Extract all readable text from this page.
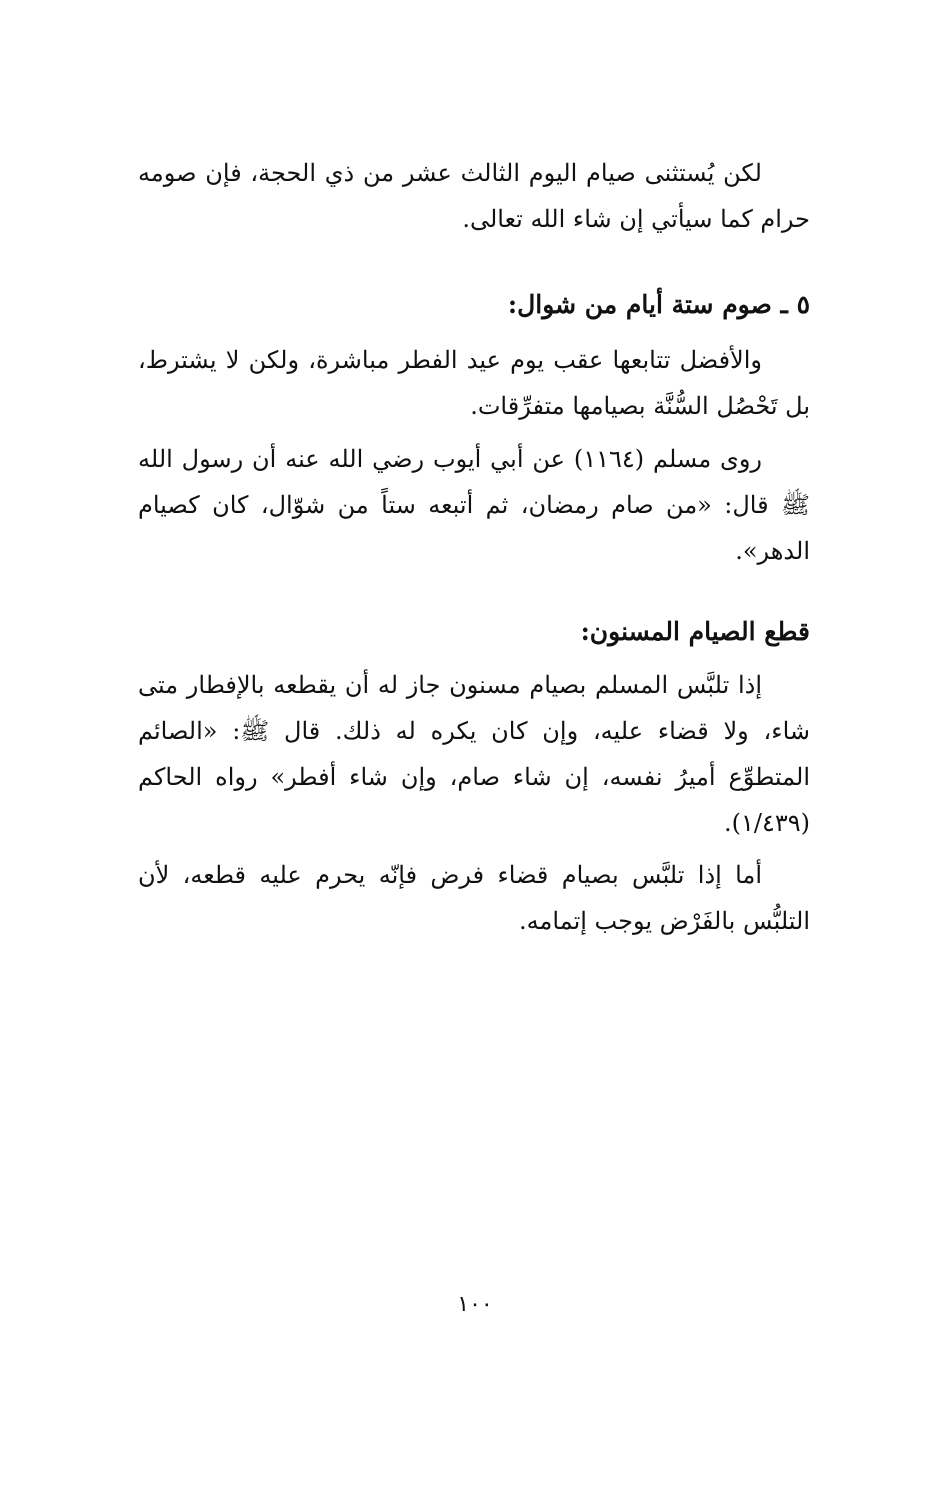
لكن يُستثنى صيام اليوم الثالث عشر من ذي الحجة، فإن صومه حرام كما سيأتي إن شاء الله تعالى.

٥ ـ صوم ستة أيام من شوال:

والأفضل تتابعها عقب يوم عيد الفطر مباشرة، ولكن لا يشترط، بل تَحْصُل السُّنَّة بصيامها متفرِّقات.

روى مسلم (١١٦٤) عن أبي أيوب رضي الله عنه أن رسول الله ﷺ قال: «من صام رمضان، ثم أتبعه ستاً من شوّال، كان كصيام الدهر».

قطع الصيام المسنون:

إذا تلبَّس المسلم بصيام مسنون جاز له أن يقطعه بالإفطار متى شاء، ولا قضاء عليه، وإن كان يكره له ذلك. قال ﷺ: «الصائم المتطوِّع أميرُ نفسه، إن شاء صام، وإن شاء أفطر» رواه الحاكم (١/٤٣٩).

أما إذا تلبَّس بصيام قضاء فرض فإنّه يحرم عليه قطعه، لأن التلبُّس بالفَرْض يوجب إتمامه.

١٠٠
